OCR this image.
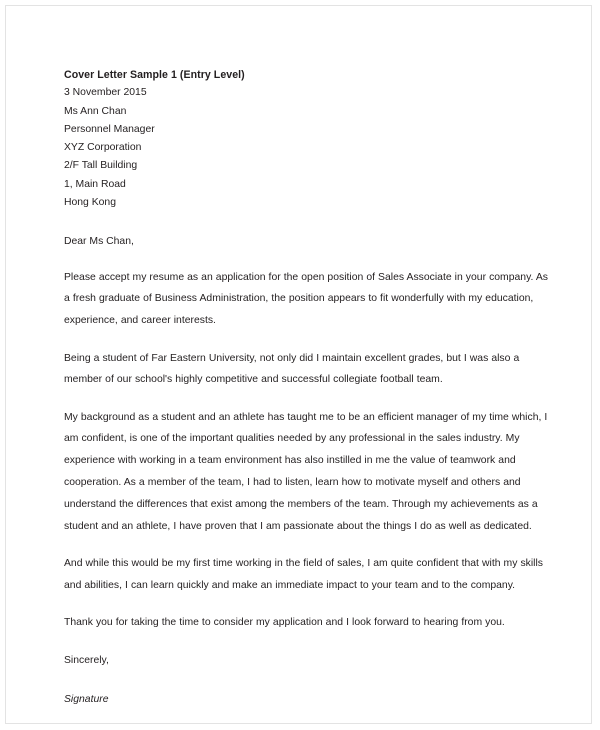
Cover Letter Sample 1 (Entry Level)
3 November 2015
Ms Ann Chan
Personnel Manager
XYZ Corporation
2/F Tall Building
1, Main Road
Hong Kong
Dear Ms Chan,

Please accept my resume as an application for the open position of Sales Associate in your company. As a fresh graduate of Business Administration, the position appears to fit wonderfully with my education, experience, and career interests.

Being a student of Far Eastern University, not only did I maintain excellent grades, but I was also a member of our school's highly competitive and successful collegiate football team.

My background as a student and an athlete has taught me to be an efficient manager of my time which, I am confident, is one of the important qualities needed by any professional in the sales industry. My experience with working in a team environment has also instilled in me the value of teamwork and cooperation. As a member of the team, I had to listen, learn how to motivate myself and others and understand the differences that exist among the members of the team. Through my achievements as a student and an athlete, I have proven that I am passionate about the things I do as well as dedicated.

And while this would be my first time working in the field of sales, I am quite confident that with my skills and abilities, I can learn quickly and make an immediate impact to your team and to the company.

Thank you for taking the time to consider my application and I look forward to hearing from you.

Sincerely,
Signature
